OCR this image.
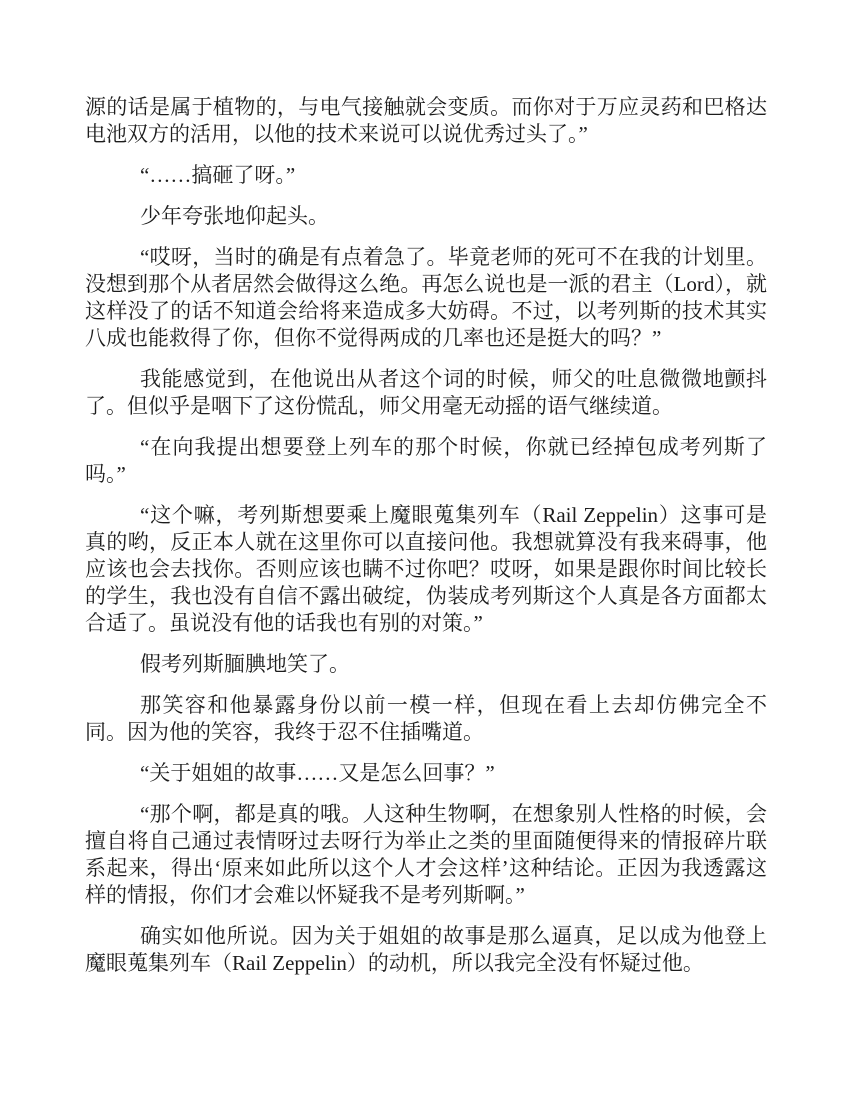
源的话是属于植物的，与电气接触就会变质。而你对于万应灵药和巴格达电池双方的活用，以他的技术来说可以说优秀过头了。”

“……搞砸了呀。”

少年夸张地仰起头。

“哎呀，当时的确是有点着急了。毕竟老师的死可不在我的计划里。没想到那个从者居然会做得这么绝。再怎么说也是一派的君主（Lord），就这样没了的话不知道会给将来造成多大妨碍。不过，以考列斯的技术其实八成也能救得了你，但你不觉得两成的几率也还是挺大的吗？”

我能感觉到，在他说出从者这个词的时候，师父的吐息微微地颤抖了。但似乎是咽下了这份慌乱，师父用毫无动摇的语气继续道。

“在向我提出想要登上列车的那个时候，你就已经掉包成考列斯了吗。”

“这个嘛，考列斯想要乘上魔眼蒐集列车（Rail Zeppelin）这事可是真的哟，反正本人就在这里你可以直接问他。我想就算没有我来碍事，他应该也会去找你。否则应该也瞒不过你吧？哎呀，如果是跟你时间比较长的学生，我也没有自信不露出破绽，伪装成考列斯这个人真是各方面都太合适了。虽说没有他的话我也有别的对策。”

假考列斯腼腆地笑了。

那笑容和他暴露身份以前一模一样，但现在看上去却仿佛完全不同。因为他的笑容，我终于忍不住插嘴道。

“关于姐姐的故事……又是怎么回事？”

“那个啊，都是真的哦。人这种生物啊，在想象别人性格的时候，会擅自将自己通过表情呀过去呀行为举止之类的里面随便得来的情报碎片联系起来，得出‘原来如此所以这个人才会这样’这种结论。正因为我透露这样的情报，你们才会难以怀疑我不是考列斯啊。”

确实如他所说。因为关于姐姐的故事是那么逼真，足以成为他登上魔眼蒐集列车（Rail Zeppelin）的动机，所以我完全没有怀疑过他。
